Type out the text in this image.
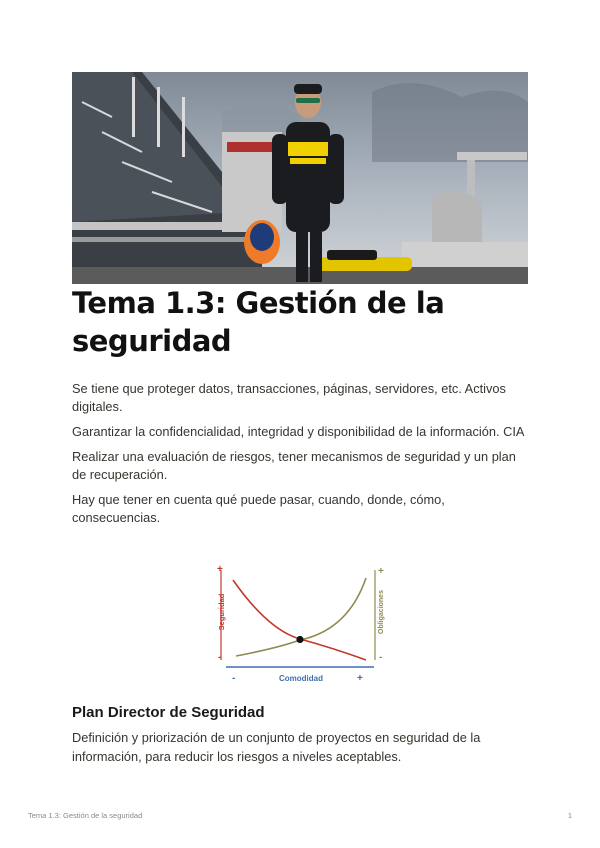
Tema 1.3: Gestión de la seguridad

Se tiene que proteger datos, transacciones, páginas, servidores, etc. Activos digitales.

Garantizar la confidencialidad, integridad y disponibilidad de la información. CIA

Realizar una evaluación de riesgos, tener mecanismos de seguridad y un plan de recuperación.

Hay que tener en cuenta qué puede pasar, cuando, donde, cómo, consecuencias.

+
-
Seguridad
+
-
Obligaciones
-	Comodidad	+
Plan Director de Seguridad

Definición y priorización de un conjunto de proyectos en seguridad de la información, para reducir los riesgos a niveles aceptables.

Tema 1.3: Gestión de la seguridad	1
